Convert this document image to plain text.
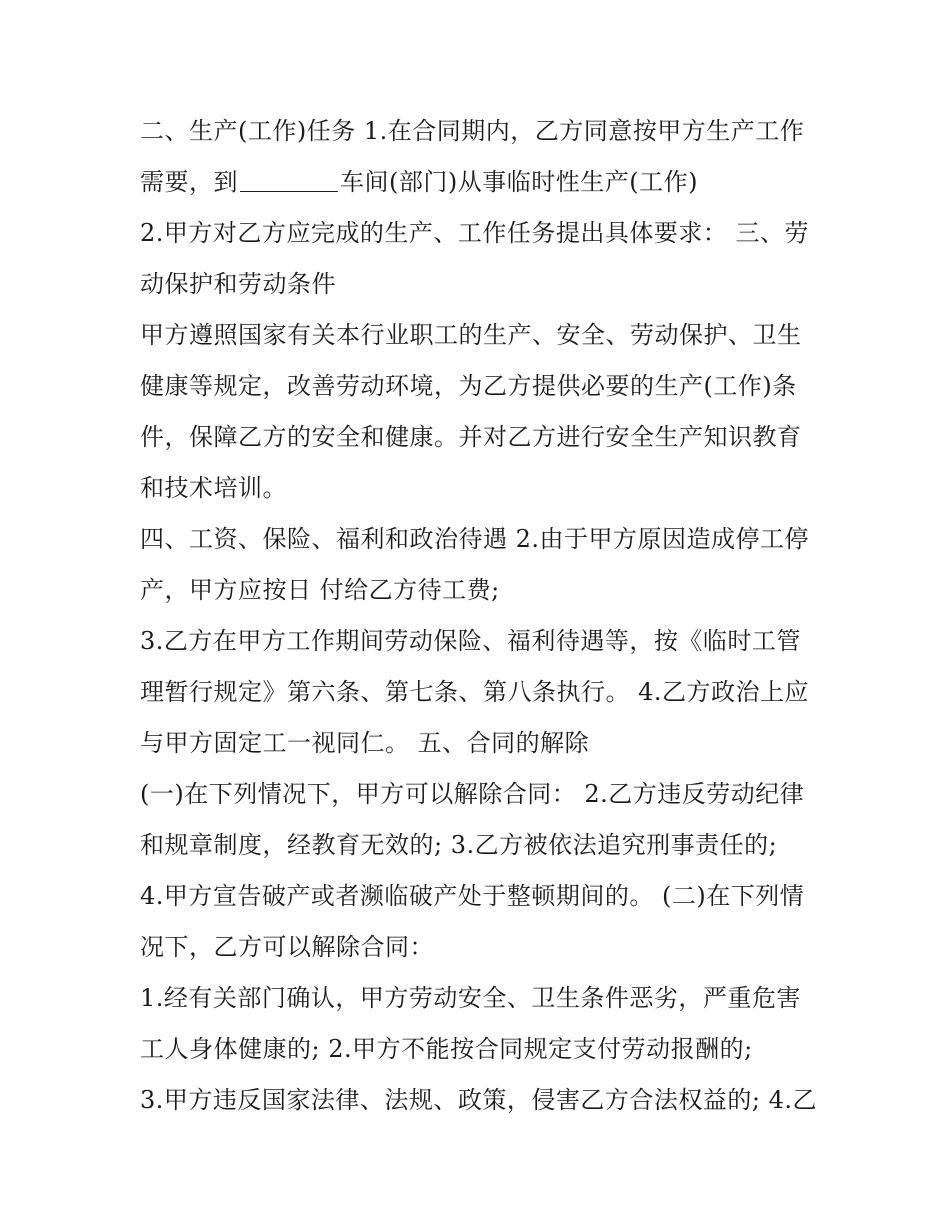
二、生产(工作)任务 1.在合同期内，乙方同意按甲方生产工作
需要，到	车间(部门)从事临时性生产(工作)
2.甲方对乙方应完成的生产、工作任务提出具体要求： 三、劳
动保护和劳动条件
甲方遵照国家有关本行业职工的生产、安全、劳动保护、卫生
健康等规定，改善劳动环境，为乙方提供必要的生产(工作)条
件，保障乙方的安全和健康。并对乙方进行安全生产知识教育
和技术培训。
四、工资、保险、福利和政治待遇 2.由于甲方原因造成停工停
产，甲方应按日 付给乙方待工费;
3.乙方在甲方工作期间劳动保险、福利待遇等，按《临时工管
理暂行规定》第六条、第七条、第八条执行。 4.乙方政治上应
与甲方固定工一视同仁。 五、合同的解除
(一)在下列情况下，甲方可以解除合同： 2.乙方违反劳动纪律
和规章制度，经教育无效的; 3.乙方被依法追究刑事责任的;
4.甲方宣告破产或者濒临破产处于整顿期间的。 (二)在下列情
况下，乙方可以解除合同：
1.经有关部门确认，甲方劳动安全、卫生条件恶劣，严重危害
工人身体健康的; 2.甲方不能按合同规定支付劳动报酬的;
3.甲方违反国家法律、法规、政策，侵害乙方合法权益的; 4.乙
